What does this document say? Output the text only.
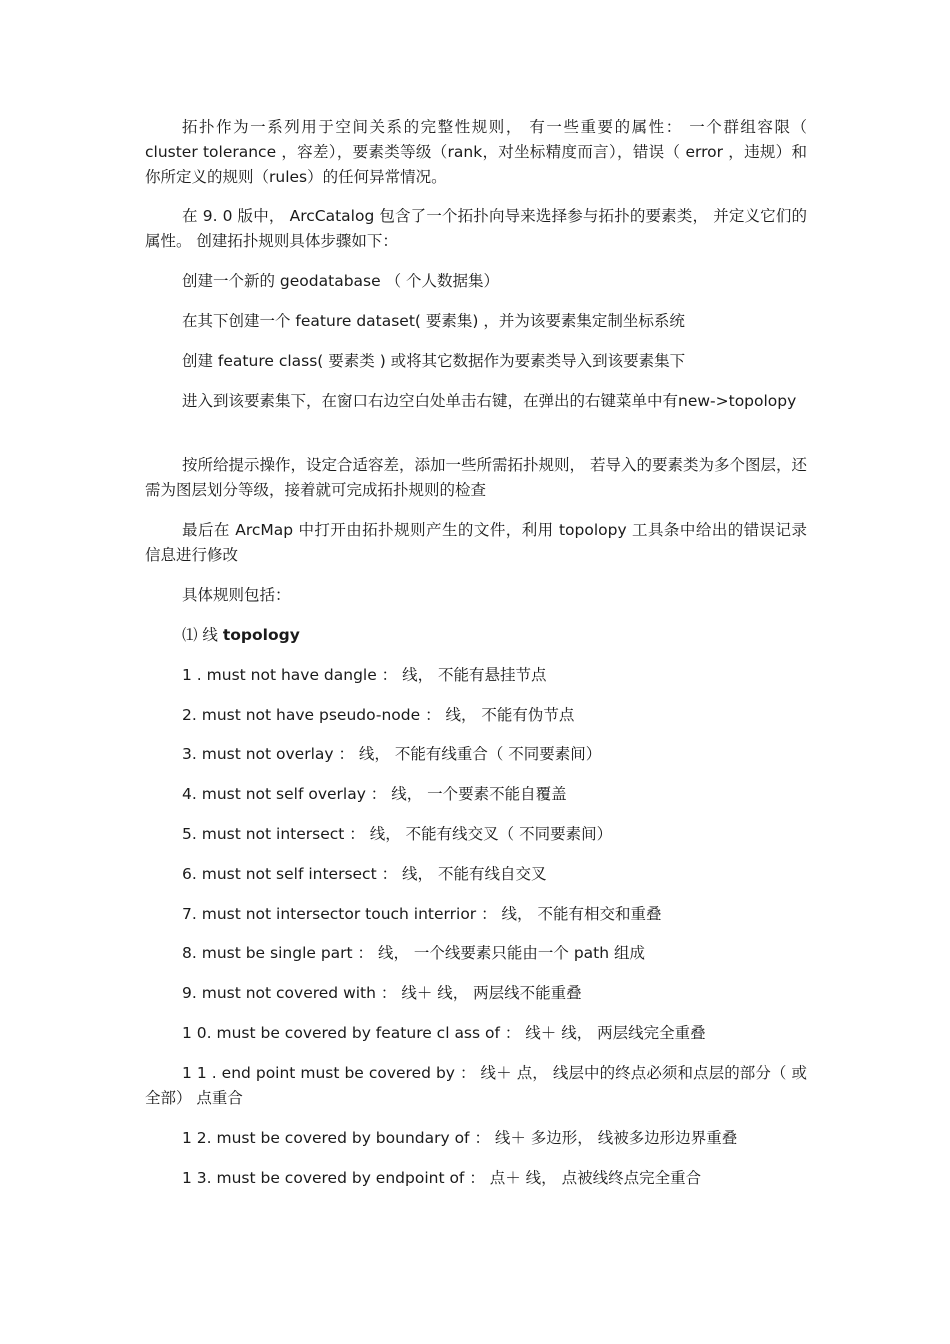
拓扑作为一系列用于空间关系的完整性规则， 有一些重要的属性： 一个群组容限（ cluster tolerance ，容差），要素类等级（rank，对坐标精度而言），错误（ error ，违规）和你所定义的规则（rules）的任何异常情况。

在 9. 0 版中， ArcCatalog 包含了一个拓扑向导来选择参与拓扑的要素类， 并定义它们的属性。 创建拓扑规则具体步骤如下：

创建一个新的 geodatabase （ 个人数据集）

在其下创建一个 feature dataset( 要素集) ，并为该要素集定制坐标系统

创建 feature class( 要素类 ) 或将其它数据作为要素类导入到该要素集下

进入到该要素集下，在窗口右边空白处单击右键，在弹出的右键菜单中有new->topolopy

按所给提示操作，设定合适容差，添加一些所需拓扑规则， 若导入的要素类为多个图层，还需为图层划分等级，接着就可完成拓扑规则的检查

最后在 ArcMap 中打开由拓扑规则产生的文件，利用 topolopy 工具条中给出的错误记录信息进行修改

具体规则包括：

⑴ 线 topology

1 . must not have dangle ： 线， 不能有悬挂节点

2. must not have pseudo-node ： 线， 不能有伪节点

3. must not overlay ： 线， 不能有线重合（ 不同要素间）

4. must not self overlay ： 线， 一个要素不能自覆盖

5. must not intersect ： 线， 不能有线交叉（ 不同要素间）

6. must not self intersect ： 线， 不能有线自交叉

7. must not intersector touch interrior ： 线， 不能有相交和重叠

8. must be single part ： 线， 一个线要素只能由一个 path 组成

9. must not covered with ： 线＋ 线， 两层线不能重叠

1 0. must be covered by feature cl ass of ： 线＋ 线， 两层线完全重叠

1 1 . end point must be covered by ： 线＋ 点， 线层中的终点必须和点层的部分（ 或全部） 点重合

1 2. must be covered by boundary of ： 线＋ 多边形， 线被多边形边界重叠

1 3. must be covered by endpoint of ： 点＋ 线， 点被线终点完全重合
